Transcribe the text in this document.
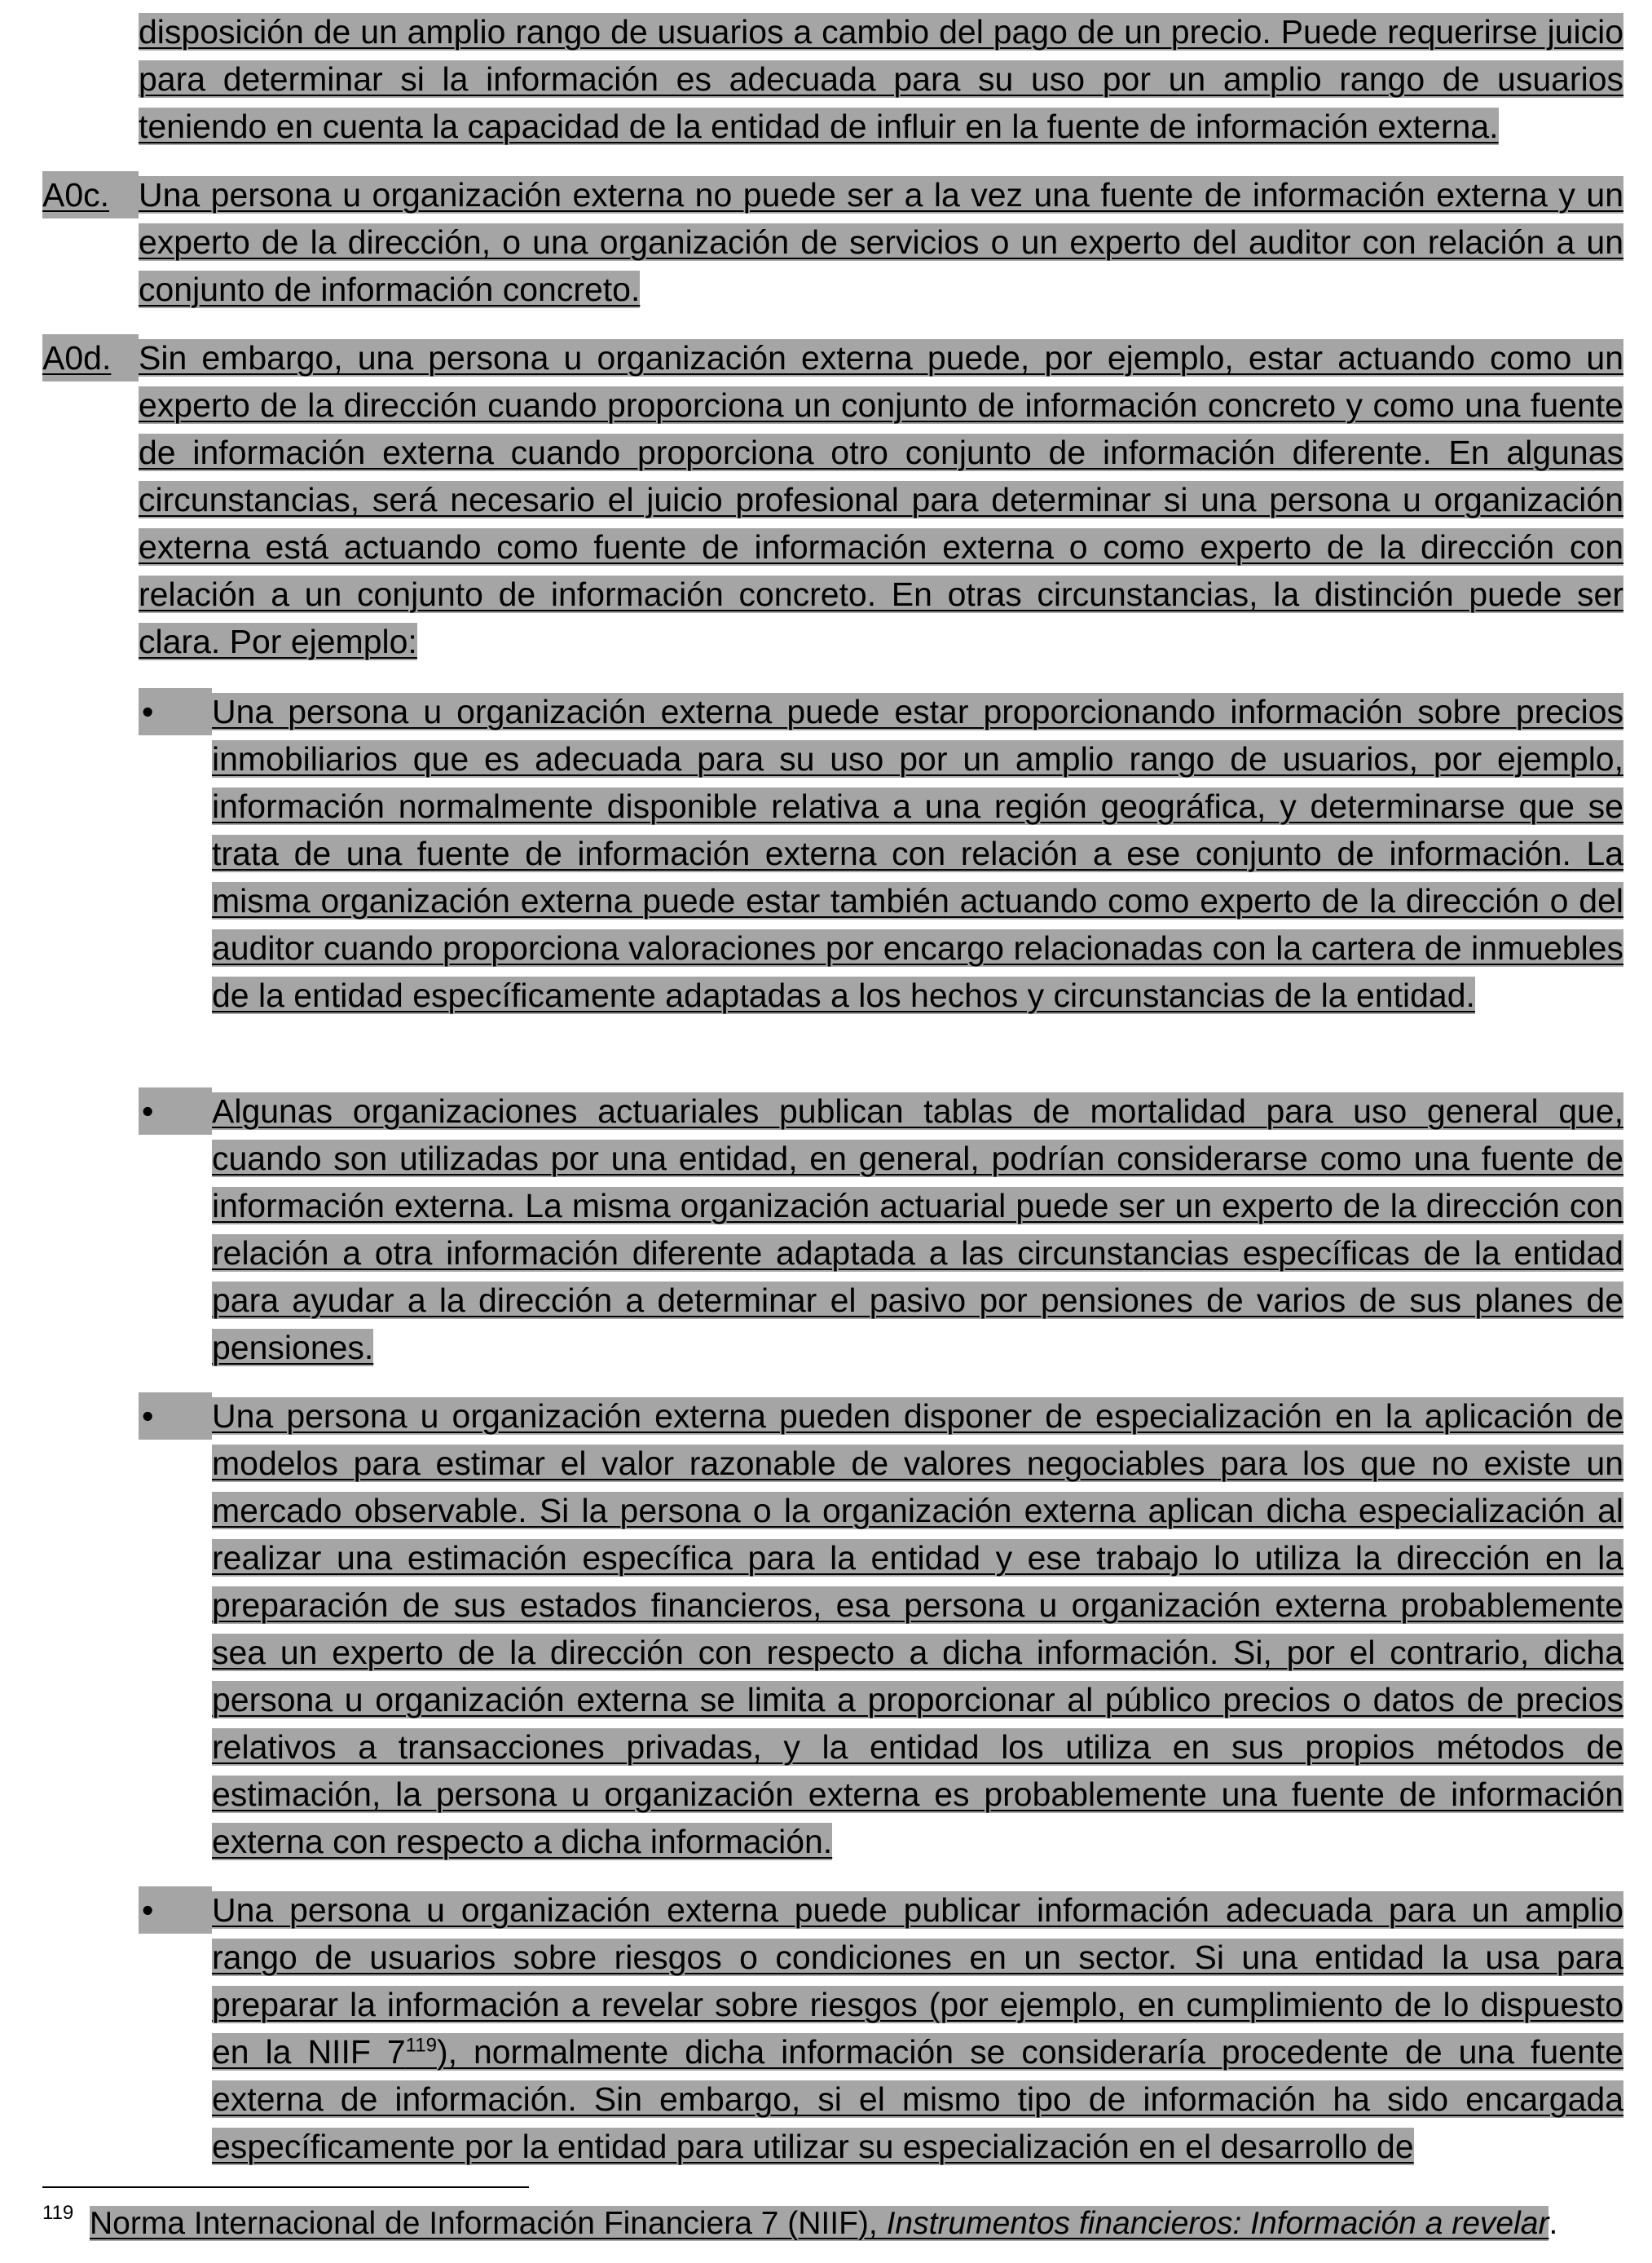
disposición de un amplio rango de usuarios a cambio del pago de un precio. Puede requerirse juicio para determinar si la información es adecuada para su uso por un amplio rango de usuarios teniendo en cuenta la capacidad de la entidad de influir en la fuente de información externa.

A0c. Una persona u organización externa no puede ser a la vez una fuente de información externa y un experto de la dirección, o una organización de servicios o un experto del auditor con relación a un conjunto de información concreto.

A0d. Sin embargo, una persona u organización externa puede, por ejemplo, estar actuando como un experto de la dirección cuando proporciona un conjunto de información concreto y como una fuente de información externa cuando proporciona otro conjunto de información diferente. En algunas circunstancias, será necesario el juicio profesional para determinar si una persona u organización externa está actuando como fuente de información externa o como experto de la dirección con relación a un conjunto de información concreto. En otras circunstancias, la distinción puede ser clara. Por ejemplo:

•	Una persona u organización externa puede estar proporcionando información sobre precios inmobiliarios que es adecuada para su uso por un amplio rango de usuarios, por ejemplo, información normalmente disponible relativa a una región geográfica, y determinarse que se trata de una fuente de información externa con relación a ese conjunto de información. La misma organización externa puede estar también actuando como experto de la dirección o del auditor cuando proporciona valoraciones por encargo relacionadas con la cartera de inmuebles de la entidad específicamente adaptadas a los hechos y circunstancias de la entidad.

•	Algunas organizaciones actuariales publican tablas de mortalidad para uso general que, cuando son utilizadas por una entidad, en general, podrían considerarse como una fuente de información externa. La misma organización actuarial puede ser un experto de la dirección con relación a otra información diferente adaptada a las circunstancias específicas de la entidad para ayudar a la dirección a determinar el pasivo por pensiones de varios de sus planes de pensiones.

•	Una persona u organización externa pueden disponer de especialización en la aplicación de modelos para estimar el valor razonable de valores negociables para los que no existe un mercado observable. Si la persona o la organización externa aplican dicha especialización al realizar una estimación específica para la entidad y ese trabajo lo utiliza la dirección en la preparación de sus estados financieros, esa persona u organización externa probablemente sea un experto de la dirección con respecto a dicha información. Si, por el contrario, dicha persona u organización externa se limita a proporcionar al público precios o datos de precios relativos a transacciones privadas, y la entidad los utiliza en sus propios métodos de estimación, la persona u organización externa es probablemente una fuente de información externa con respecto a dicha información.

•	Una persona u organización externa puede publicar información adecuada para un amplio rango de usuarios sobre riesgos o condiciones en un sector. Si una entidad la usa para preparar la información a revelar sobre riesgos (por ejemplo, en cumplimiento de lo dispuesto en la NIIF $7^{119}$), normalmente dicha información se consideraría procedente de una fuente externa de información. Sin embargo, si el mismo tipo de información ha sido encargada específicamente por la entidad para utilizar su especialización en el desarrollo de

119 Norma Internacional de Información Financiera 7 (NIIF), Instrumentos financieros: Información a revelar.
